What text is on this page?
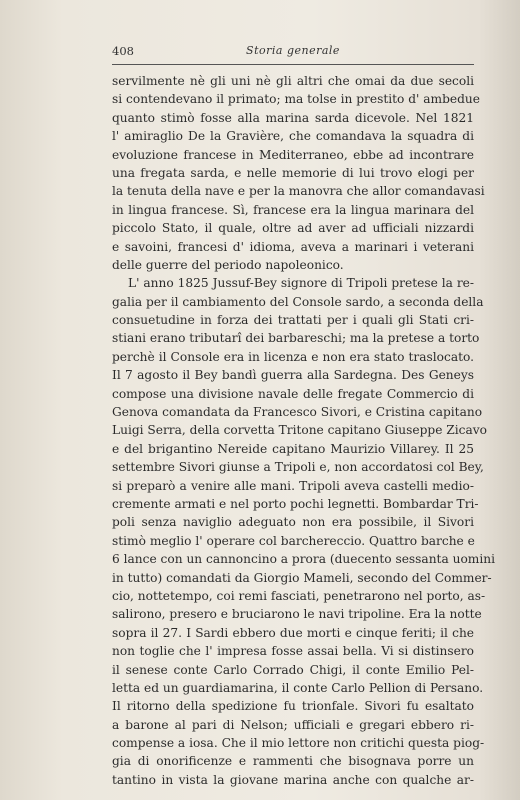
408	Storia generale
servilmente nè gli uni nè gli altri che omai da due secoli
si contendevano il primato; ma tolse in prestito d' ambedue
quanto stimò fosse alla marina sarda dicevole. Nel 1821
l' amiraglio De la Gravière, che comandava la squadra di
evoluzione francese in Mediterraneo, ebbe ad incontrare
una fregata sarda, e nelle memorie di lui trovo elogi per
la tenuta della nave e per la manovra che allor comandavasi
in lingua francese. Sì, francese era la lingua marinara del
piccolo Stato, il quale, oltre ad aver ad ufficiali nizzardi
e savoini, francesi d' idioma, aveva a marinari i veterani
delle guerre del periodo napoleonico.
L' anno 1825 Jussuf-Bey signore di Tripoli pretese la re-
galia per il cambiamento del Console sardo, a seconda della
consuetudine in forza dei trattati per i quali gli Stati cri-
stiani erano tributarî dei barbareschi; ma la pretese a torto
perchè il Console era in licenza e non era stato traslocato.
Il 7 agosto il Bey bandì guerra alla Sardegna. Des Geneys
compose una divisione navale delle fregate Commercio di
Genova comandata da Francesco Sivori, e Cristina capitano
Luigi Serra, della corvetta Tritone capitano Giuseppe Zicavo
e del brigantino Nereide capitano Maurizio Villarey. Il 25
settembre Sivori giunse a Tripoli e, non accordatosi col Bey,
si preparò a venire alle mani. Tripoli aveva castelli medio-
cremente armati e nel porto pochi legnetti. Bombardar Tri-
poli senza naviglio adeguato non era possibile, il Sivori
stimò meglio l' operare col barchereccio. Quattro barche e
6 lance con un cannoncino a prora (duecento sessanta uomini
in tutto) comandati da Giorgio Mameli, secondo del Commer-
cio, nottetempo, coi remi fasciati, penetrarono nel porto, as-
salirono, presero e bruciarono le navi tripoline. Era la notte
sopra il 27. I Sardi ebbero due morti e cinque feriti; il che
non toglie che l' impresa fosse assai bella. Vi si distinsero
il senese conte Carlo Corrado Chigi, il conte Emilio Pel-
letta ed un guardiamarina, il conte Carlo Pellion di Persano.
Il ritorno della spedizione fu trionfale. Sivori fu esaltato
a barone al pari di Nelson; ufficiali e gregari ebbero ri-
compense a iosa. Che il mio lettore non critichi questa piog-
gia di onorificenze e rammenti che bisognava porre un
tantino in vista la giovane marina anche con qualche ar-
